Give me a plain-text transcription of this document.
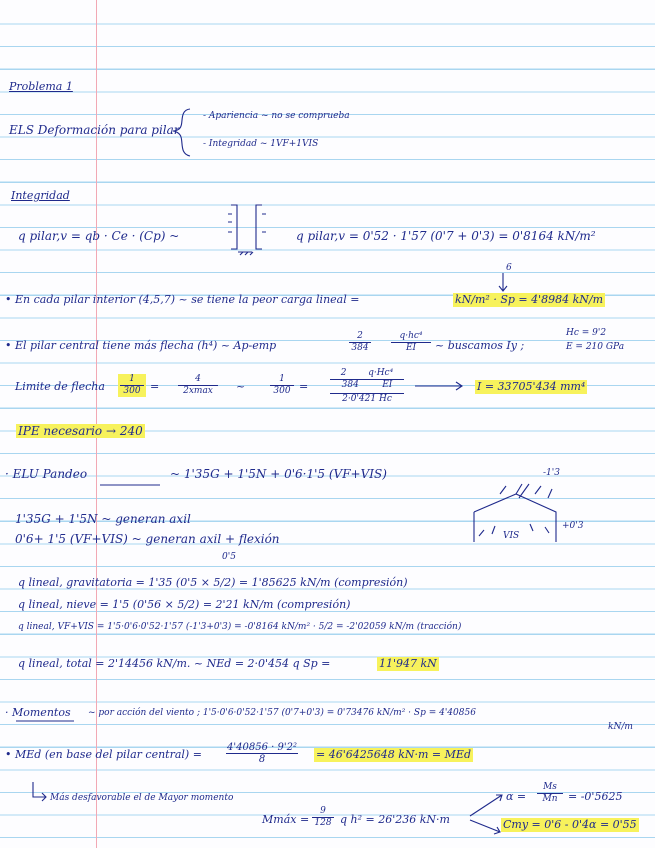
Problema 1
ELS Deformación para pilar
- Apariencia ~ no se comprueba
- Integridad ~ 1VF+1VIS
Integridad
q pilar,v = qb · Ce · (Cp) ~	q pilar,v = 0'52 · 1'57 (0'7 + 0'3) = 0'8164 kN/m²
• En cada pilar interior (4,5,7) ~ se tiene la peor carga lineal =
6
kN/m² · Sp = 4'8984 kN/m
• El pilar central tiene más flecha (h⁴) ~ Ap-emp	$\frac{2}{384} \frac{\text{q·hc⁴}}{EI}$ ~ buscamos Iy ;
Hc = 9'2
E = 210 GPa
Limite de flecha $\frac{1}{300}$ =
4
2xmax	~	$\frac{1}{300}$ =
2 q·Hc⁴
384	EI
2·0'421 Hc
I = 33705'434 mm⁴
IPE necesario → 240
· ELU Pandeo	~ 1'35G + 1'5N + 0'6·1'5 (VF+VIS)	-1'3
VIS
+0'3
1'35G + 1'5N ~ generan axil
0'6+ 1'5 (VF+VIS) ~ generan axil + flexión
0'5
q lineal, gravitatoria = 1'35 (0'5 × 5/2) = 1'85625 kN/m (compresión)
q lineal, nieve = 1'5 (0'56 × 5/2) = 2'21 kN/m (compresión)
q lineal, VF+VIS = 1'5·0'6·0'52·1'57 (-1'3+0'3) = -0'8164 kN/m² · 5/2 = -2'02059 kN/m (tracción)
q lineal, total = 2'14456 kN/m. ~ NEd = 2·0'454 q Sp =	11'947 kN
· Momentos ~ por acción del viento ; 1'5·0'6·0'52·1'57 (0'7+0'3) = 0'73476 kN/m² · Sp = 4'40856
kN/m
• MEd (en base del pilar central) = $\frac{\text{4'40856 · 9'2²}}{8} = 46'6425648$ kN·m = MEd
Más desfavorable el de Mayor momento
Mmáx = $\frac{9}{128}$ q h² = 26'236 kN·m
$\alpha = \frac{Ms}{Mn} = -0'5625$
Cmy = 0'6 - 0'4α = 0'55
